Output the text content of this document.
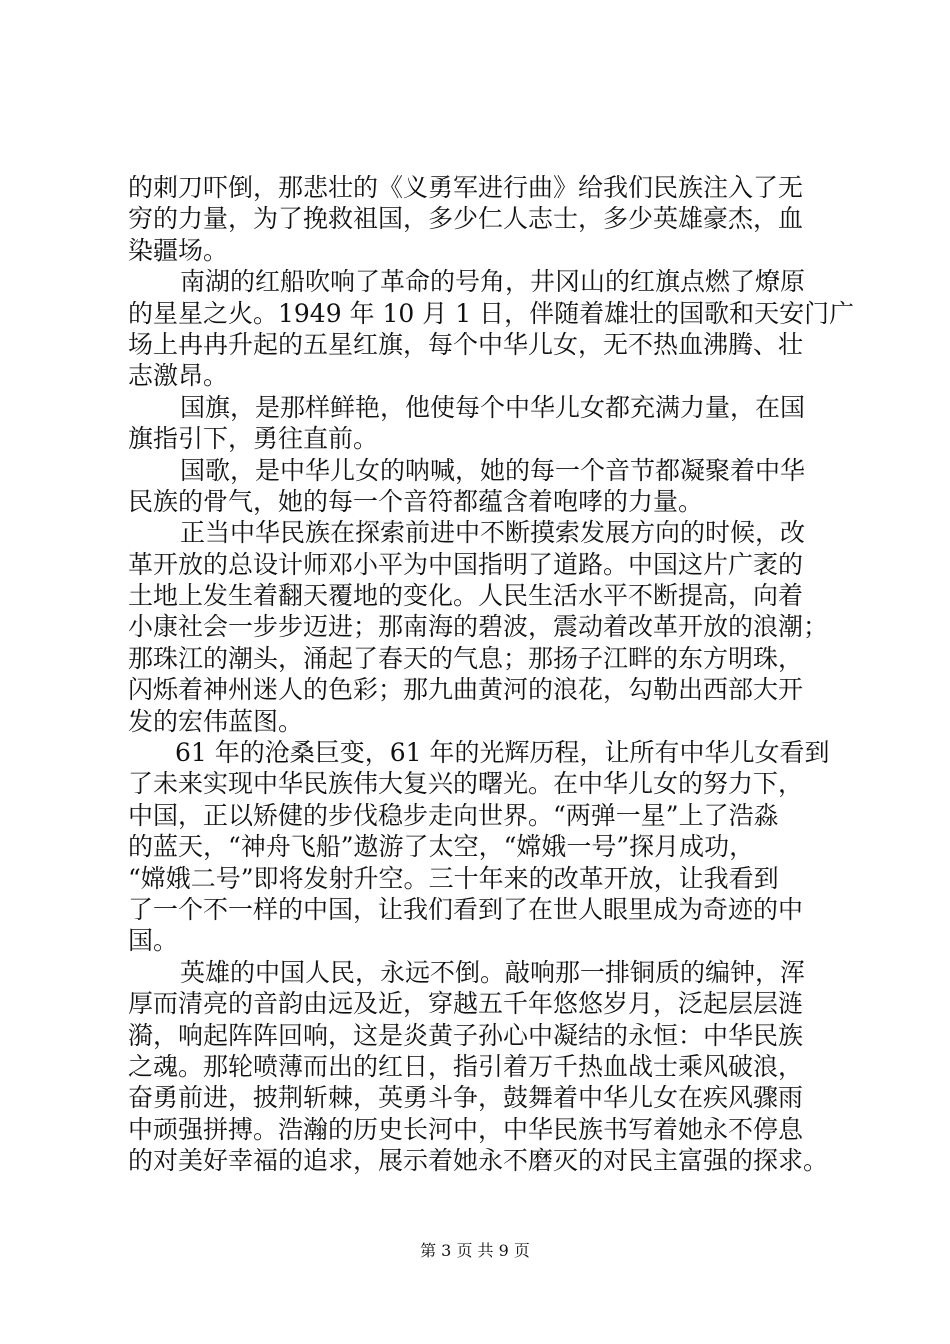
的刺刀吓倒，那悲壮的《义勇军进行曲》给我们民族注入了无
穷的力量，为了挽救祖国，多少仁人志士，多少英雄豪杰，血
染疆场。
南湖的红船吹响了革命的号角，井冈山的红旗点燃了燎原
的星星之火。1949 年 10 月 1 日，伴随着雄壮的国歌和天安门广
场上冉冉升起的五星红旗，每个中华儿女，无不热血沸腾、壮
志激昂。
国旗，是那样鲜艳，他使每个中华儿女都充满力量，在国
旗指引下，勇往直前。
国歌，是中华儿女的呐喊，她的每一个音节都凝聚着中华
民族的骨气，她的每一个音符都蕴含着咆哮的力量。
正当中华民族在探索前进中不断摸索发展方向的时候，改
革开放的总设计师邓小平为中国指明了道路。中国这片广袤的
土地上发生着翻天覆地的变化。人民生活水平不断提高，向着
小康社会一步步迈进；那南海的碧波，震动着改革开放的浪潮；
那珠江的潮头，涌起了春天的气息；那扬子江畔的东方明珠，
闪烁着神州迷人的色彩；那九曲黄河的浪花，勾勒出西部大开
发的宏伟蓝图。
61 年的沧桑巨变，61 年的光辉历程，让所有中华儿女看到
了未来实现中华民族伟大复兴的曙光。在中华儿女的努力下，
中国，正以矫健的步伐稳步走向世界。“两弹一星”上了浩淼
的蓝天，“神舟飞船”遨游了太空，“嫦娥一号”探月成功，
“嫦娥二号”即将发射升空。三十年来的改革开放，让我看到
了一个不一样的中国，让我们看到了在世人眼里成为奇迹的中
国。
英雄的中国人民，永远不倒。敲响那一排铜质的编钟，浑
厚而清亮的音韵由远及近，穿越五千年悠悠岁月，泛起层层涟
漪，响起阵阵回响，这是炎黄子孙心中凝结的永恒：中华民族
之魂。那轮喷薄而出的红日，指引着万千热血战士乘风破浪，
奋勇前进，披荆斩棘，英勇斗争，鼓舞着中华儿女在疾风骤雨
中顽强拼搏。浩瀚的历史长河中，中华民族书写着她永不停息
的对美好幸福的追求，展示着她永不磨灭的对民主富强的探求。
第 3 页 共 9 页
